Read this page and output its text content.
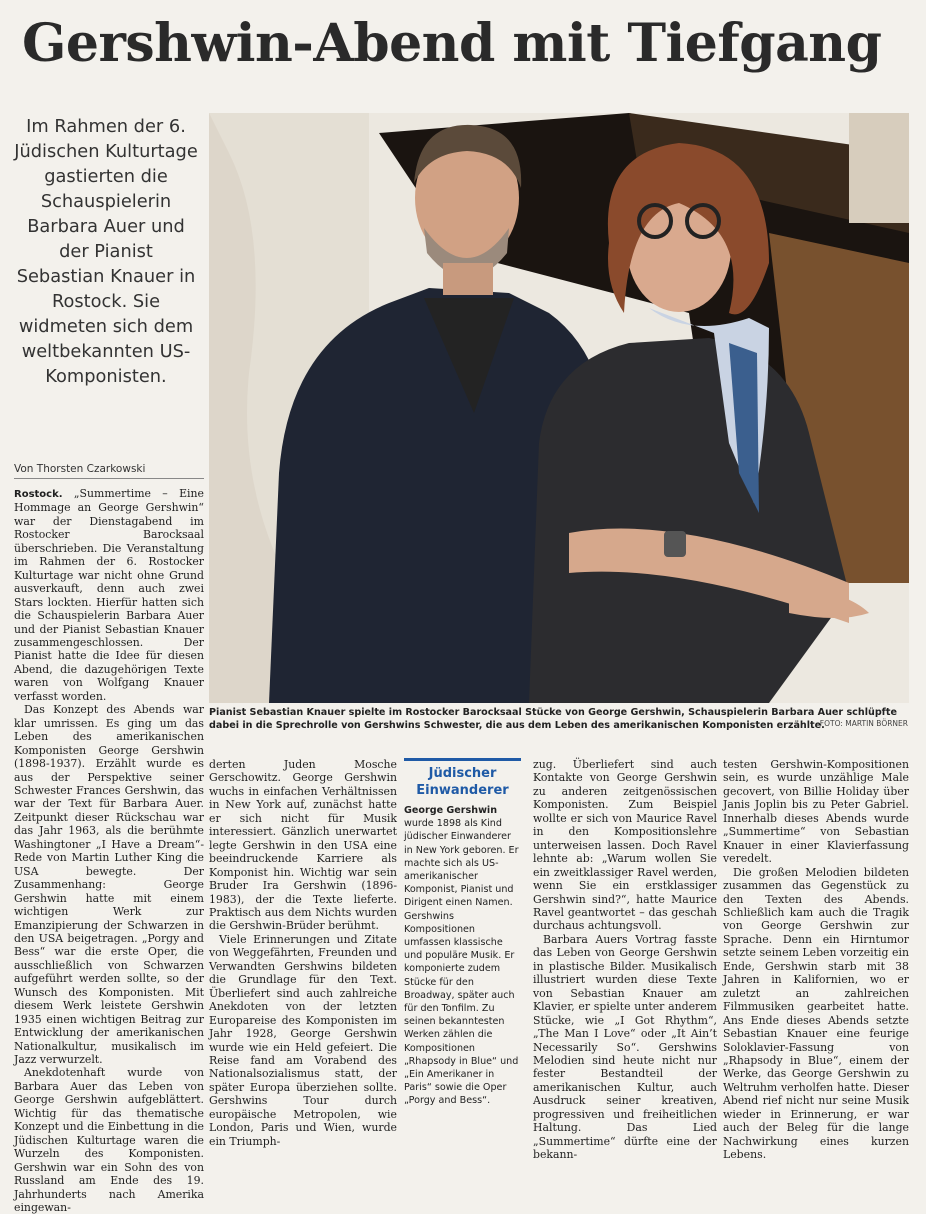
Gershwin-Abend mit Tiefgang
Im Rahmen der 6. Jüdischen Kulturtage gastierten die Schauspielerin Barbara Auer und der Pianist Sebastian Knauer in Rostock. Sie widmeten sich dem weltbekannten US-Komponisten.
Von Thorsten Czarkowski
Pianist Sebastian Knauer spielte im Rostocker Barocksaal Stücke von George Gershwin, Schauspielerin Barbara Auer schlüpfte dabei in die Sprechrolle von Gershwins Schwester, die aus dem Leben des amerikanischen Komponisten erzählte.
FOTO: MARTIN BÖRNER

Rostock. „Summertime – Eine Hommage an George Gershwin“ war der Dienstagabend im Rostocker Barocksaal überschrieben. Die Veranstaltung im Rahmen der 6. Rostocker Kulturtage war nicht ohne Grund ausverkauft, denn auch zwei Stars lockten. Hierfür hatten sich die Schauspielerin Barbara Auer und der Pianist Sebastian Knauer zusammengeschlossen. Der Pianist hatte die Idee für diesen Abend, die dazugehörigen Texte waren von Wolfgang Knauer verfasst worden.

Das Konzept des Abends war klar umrissen. Es ging um das Leben des amerikanischen Komponisten George Gershwin (1898-1937). Erzählt wurde es aus der Perspektive seiner Schwester Frances Gershwin, das war der Text für Barbara Auer. Zeitpunkt dieser Rückschau war das Jahr 1963, als die berühmte Washingtoner „I Have a Dream“-Rede von Martin Luther King die USA bewegte. Der Zusammenhang: George Gershwin hatte mit einem wichtigen Werk zur Emanzipierung der Schwarzen in den USA beigetragen. „Porgy and Bess“ war die erste Oper, die ausschließlich von Schwarzen aufgeführt werden sollte, so der Wunsch des Komponisten. Mit diesem Werk leistete Gershwin 1935 einen wichtigen Beitrag zur Entwicklung der amerikanischen Nationalkultur, musikalisch im Jazz verwurzelt.

Anekdotenhaft wurde von Barbara Auer das Leben von George Gershwin aufgeblättert. Wichtig für das thematische Konzept und die Einbettung in die Jüdischen Kulturtage waren die Wurzeln des Komponisten. Gershwin war ein Sohn des von Russland am Ende des 19. Jahrhunderts nach Amerika eingewan-

derten Juden Mosche Gerschowitz. George Gershwin wuchs in einfachen Verhältnissen in New York auf, zunächst hatte er sich nicht für Musik interessiert. Gänzlich unerwartet legte Gershwin in den USA eine beeindruckende Karriere als Komponist hin. Wichtig war sein Bruder Ira Gershwin (1896-1983), der die Texte lieferte. Praktisch aus dem Nichts wurden die Gershwin-Brüder berühmt.

Viele Erinnerungen und Zitate von Weggefährten, Freunden und Verwandten Gershwins bildeten die Grundlage für den Text. Überliefert sind auch zahlreiche Anekdoten von der letzten Europareise des Komponisten im Jahr 1928, George Gershwin wurde wie ein Held gefeiert. Die Reise fand am Vorabend des Nationalsozialismus statt, der später Europa überziehen sollte. Gershwins Tour durch europäische Metropolen, wie London, Paris und Wien, wurde ein Triumph-

Jüdischer Einwanderer
George Gershwin wurde 1898 als Kind jüdischer Einwanderer in New York geboren. Er machte sich als US-amerikanischer Komponist, Pianist und Dirigent einen Namen. Gershwins Kompositionen umfassen klassische und populäre Musik. Er komponierte zudem Stücke für den Broadway, später auch für den Tonfilm. Zu seinen bekanntesten Werken zählen die Kompositionen „Rhapsody in Blue“ und „Ein Amerikaner in Paris“ sowie die Oper „Porgy and Bess“.

zug. Überliefert sind auch Kontakte von George Gershwin zu anderen zeitgenössischen Komponisten. Zum Beispiel wollte er sich von Maurice Ravel in den Kompositionslehre unterweisen lassen. Doch Ravel lehnte ab: „Warum wollen Sie ein zweitklassiger Ravel werden, wenn Sie ein erstklassiger Gershwin sind?“, hatte Maurice Ravel geantwortet – das geschah durchaus achtungsvoll.

Barbara Auers Vortrag fasste das Leben von George Gershwin in plastische Bilder. Musikalisch illustriert wurden diese Texte von Sebastian Knauer am Klavier, er spielte unter anderem Stücke, wie „I Got Rhythm“, „The Man I Love“ oder „It Ain’t Necessarily So“. Gershwins Melodien sind heute nicht nur fester Bestandteil der amerikanischen Kultur, auch Ausdruck seiner kreativen, progressiven und freiheitlichen Haltung. Das Lied „Summertime“ dürfte eine der bekann-

testen Gershwin-Kompositionen sein, es wurde unzählige Male gecovert, von Billie Holiday über Janis Joplin bis zu Peter Gabriel. Innerhalb dieses Abends wurde „Summertime“ von Sebastian Knauer in einer Klavierfassung veredelt.

Die großen Melodien bildeten zusammen das Gegenstück zu den Texten des Abends. Schließlich kam auch die Tragik von George Gershwin zur Sprache. Denn ein Hirntumor setzte seinem Leben vorzeitig ein Ende, Gershwin starb mit 38 Jahren in Kalifornien, wo er zuletzt an zahlreichen Filmmusiken gearbeitet hatte. Ans Ende dieses Abends setzte Sebastian Knauer eine feurige Soloklavier-Fassung von „Rhapsody in Blue“, einem der Werke, das George Gershwin zu Weltruhm verholfen hatte. Dieser Abend rief nicht nur seine Musik wieder in Erinnerung, er war auch der Beleg für die lange Nachwirkung eines kurzen Lebens.
